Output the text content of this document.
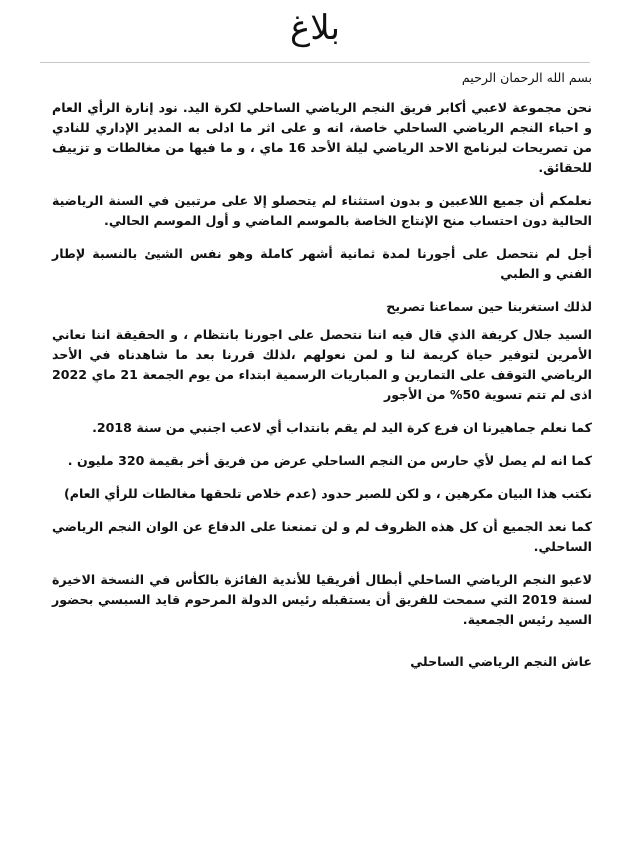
بلاغ

بسم الله الرحمان الرحيم

نحن مجموعة لاعبي أكابر فريق النجم الرياضي الساحلي لكرة اليد. نود إنارة الرأي العام و احباء النجم الرياضي الساحلي خاصة، انه و على اثر ما ادلى به المدير الإداري للنادي من تصريحات لبرنامج الاحد الرياضي ليلة الأحد 16 ماي ، و ما فيها من مغالطات و تزييف للحقائق.

نعلمكم أن جميع اللاعبين و بدون استثناء لم يتحصلو إلا على مرتبين في السنة الرياضية الحالية دون احتساب منح الإنتاج الخاصة بالموسم الماضي و أول الموسم الحالي.

أجل لم نتحصل على أجورنا لمدة ثمانية أشهر كاملة وهو نفس الشيئ بالنسبة لإطار الفني و الطبي

لذلك استغربنا حين سماعنا تصريح

السيد جلال كريفة الذي قال فيه اننا نتحصل على اجورنا بانتظام ، و الحقيقة اننا نعاني الأمرين لتوفير حياة كريمة لنا و لمن نعولهم ،لذلك قررنا بعد ما شاهدناه في الأحد الرياضي التوقف على التمارين و المباريات الرسمية ابتداء من يوم الجمعة 21 ماي 2022 اذى لم تتم تسوية 50% من الأجور

كما نعلم جماهيرنا ان فرع كرة اليد لم يقم بانتداب أي لاعب اجنبي من سنة 2018.

كما انه لم يصل لأي حارس من النجم الساحلي عرض من فريق أخر بقيمة 320 مليون .

نكتب هذا البيان مكرهين ، و لكن للصبر حدود (عدم خلاص تلحقها مغالطات للرأي العام)

كما نعد الجميع أن كل هذه الظروف لم و لن تمنعنا على الدفاع عن الوان النجم الرياضي الساحلي.

لاعبو النجم الرياضي الساحلي أبطال أفريقيا للأندية الفائزة بالكأس في النسخة الاخيرة لسنة 2019 التي سمحت للفريق أن يستقبله رئيس الدولة المرحوم قايد السبسي بحضور السيد رئيس الجمعية.

عاش النجم الرياضي الساحلي
